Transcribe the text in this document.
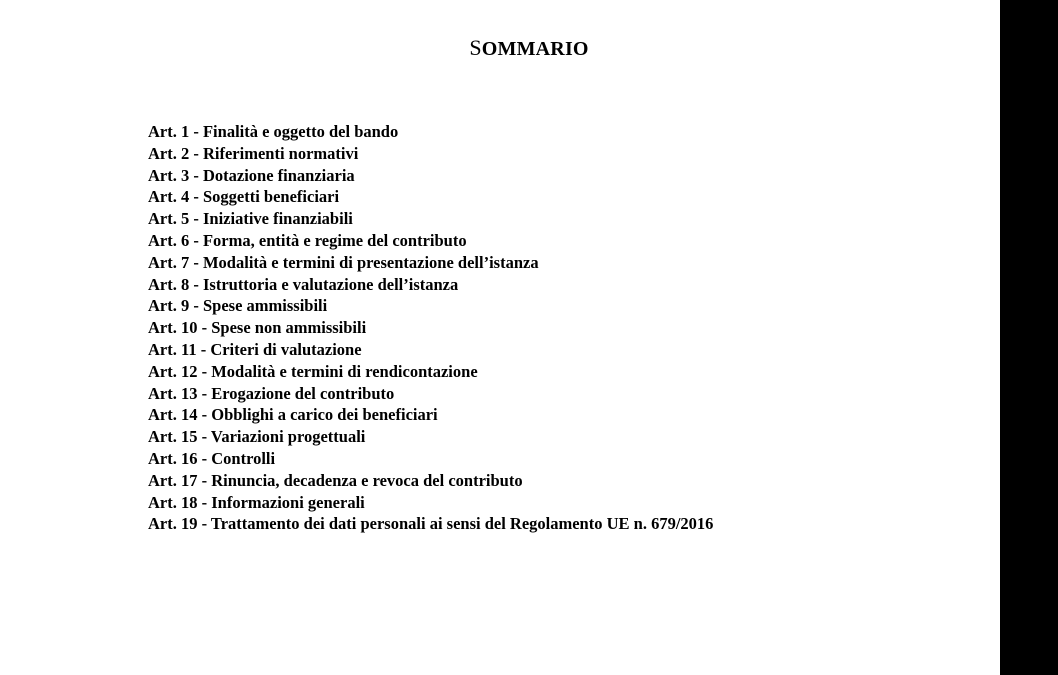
SOMMARIO
Art. 1 - Finalità e oggetto del bando
Art. 2 - Riferimenti normativi
Art. 3 - Dotazione finanziaria
Art. 4 - Soggetti beneficiari
Art. 5 - Iniziative finanziabili
Art. 6 - Forma, entità e regime del contributo
Art. 7 - Modalità e termini di presentazione dell’istanza
Art. 8 - Istruttoria e valutazione dell’istanza
Art. 9 - Spese ammissibili
Art. 10 - Spese non ammissibili
Art. 11 - Criteri di valutazione
Art. 12 - Modalità e termini di rendicontazione
Art. 13 - Erogazione del contributo
Art. 14 - Obblighi a carico dei beneficiari
Art. 15 - Variazioni progettuali
Art. 16 - Controlli
Art. 17 - Rinuncia, decadenza e revoca del contributo
Art. 18 - Informazioni generali
Art. 19 - Trattamento dei dati personali ai sensi del Regolamento UE n. 679/2016
